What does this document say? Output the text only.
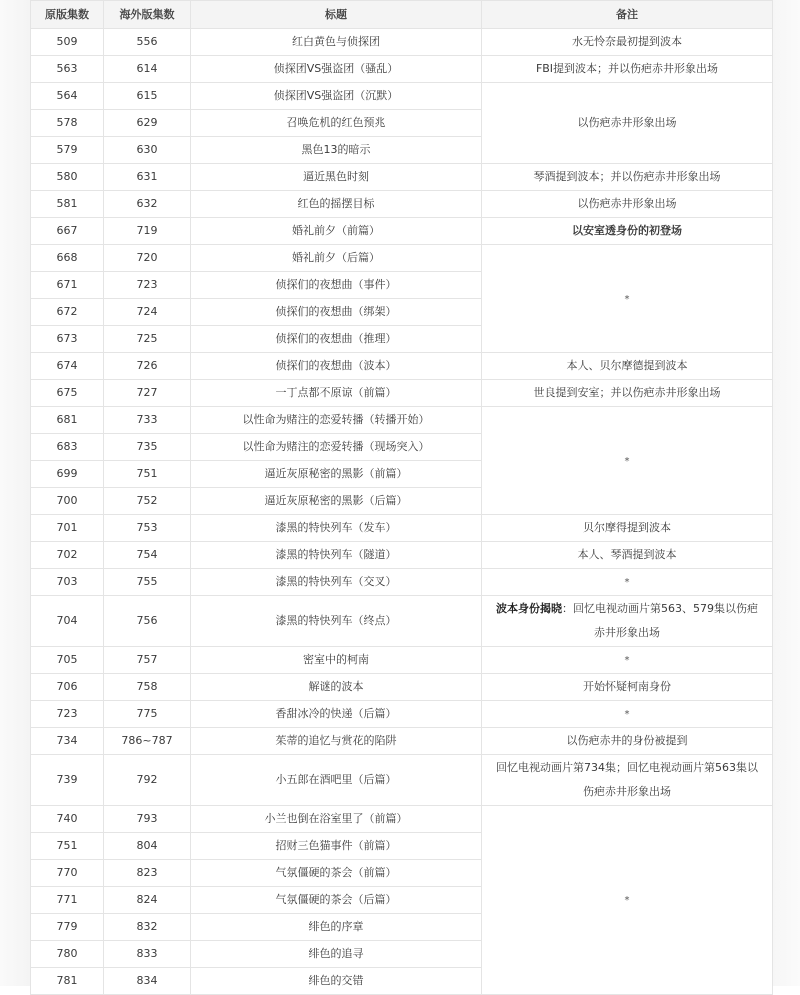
原版集数	海外版集数	标题	备注
509	556	红白黄色与侦探团	水无怜奈最初提到波本
563	614	侦探团VS强盗团（骚乱）	FBI提到波本；并以伤疤赤井形象出场
564	615	侦探团VS强盗团（沉默）	以伤疤赤井形象出场
578	629	召唤危机的红色预兆	
579	630	黑色13的暗示	
580	631	逼近黑色时刻	琴酒提到波本；并以伤疤赤井形象出场
581	632	红色的摇摆目标	以伤疤赤井形象出场
667	719	婚礼前夕（前篇）	以安室透身份的初登场
668	720	婚礼前夕（后篇）	*
671	723	侦探们的夜想曲（事件）	
672	724	侦探们的夜想曲（绑架）	
673	725	侦探们的夜想曲（推理）	
674	726	侦探们的夜想曲（波本）	本人、贝尔摩德提到波本
675	727	一丁点都不原谅（前篇）	世良提到安室；并以伤疤赤井形象出场
681	733	以性命为赌注的恋爱转播（转播开始）	*
683	735	以性命为赌注的恋爱转播（现场突入）	
699	751	逼近灰原秘密的黑影（前篇）	
700	752	逼近灰原秘密的黑影（后篇）	
701	753	漆黑的特快列车（发车）	贝尔摩得提到波本
702	754	漆黑的特快列车（隧道）	本人、琴酒提到波本
703	755	漆黑的特快列车（交叉）	*
704	756	漆黑的特快列车（终点）	波本身份揭晓：回忆电视动画片第563、579集以伤疤赤井形象出场
705	757	密室中的柯南	*
706	758	解谜的波本	开始怀疑柯南身份
723	775	香甜冰冷的快递（后篇）	*
734	786~787	茱蒂的追忆与赏花的陷阱	以伤疤赤井的身份被提到
739	792	小五郎在酒吧里（后篇）	回忆电视动画片第734集；回忆电视动画片第563集以伤疤赤井形象出场
740	793	小兰也倒在浴室里了（前篇）	*
751	804	招财三色猫事件（前篇）	
770	823	气氛僵硬的茶会（前篇）	
771	824	气氛僵硬的茶会（后篇）	
779	832	绯色的序章	
780	833	绯色的追寻	
781	834	绯色的交错	
